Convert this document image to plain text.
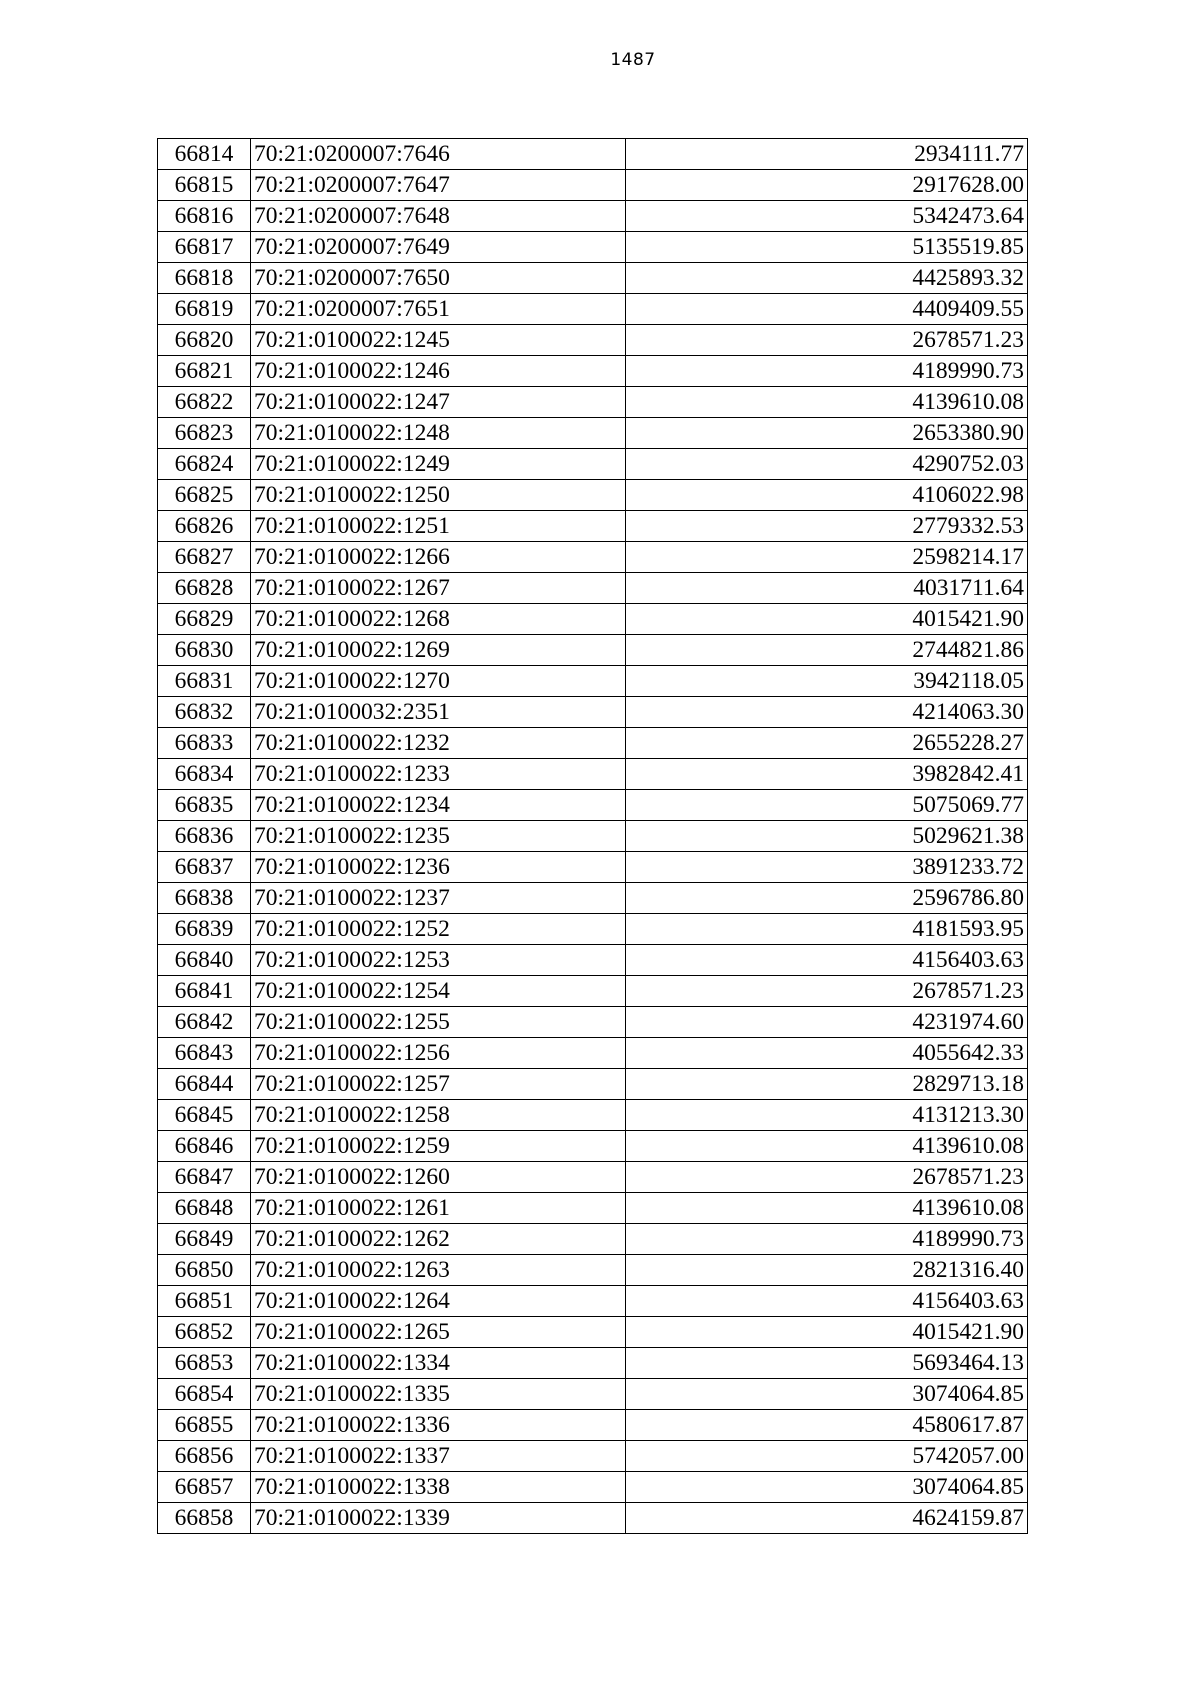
1487
66814	70:21:0200007:7646	2934111.77
66815	70:21:0200007:7647	2917628.00
66816	70:21:0200007:7648	5342473.64
66817	70:21:0200007:7649	5135519.85
66818	70:21:0200007:7650	4425893.32
66819	70:21:0200007:7651	4409409.55
66820	70:21:0100022:1245	2678571.23
66821	70:21:0100022:1246	4189990.73
66822	70:21:0100022:1247	4139610.08
66823	70:21:0100022:1248	2653380.90
66824	70:21:0100022:1249	4290752.03
66825	70:21:0100022:1250	4106022.98
66826	70:21:0100022:1251	2779332.53
66827	70:21:0100022:1266	2598214.17
66828	70:21:0100022:1267	4031711.64
66829	70:21:0100022:1268	4015421.90
66830	70:21:0100022:1269	2744821.86
66831	70:21:0100022:1270	3942118.05
66832	70:21:0100032:2351	4214063.30
66833	70:21:0100022:1232	2655228.27
66834	70:21:0100022:1233	3982842.41
66835	70:21:0100022:1234	5075069.77
66836	70:21:0100022:1235	5029621.38
66837	70:21:0100022:1236	3891233.72
66838	70:21:0100022:1237	2596786.80
66839	70:21:0100022:1252	4181593.95
66840	70:21:0100022:1253	4156403.63
66841	70:21:0100022:1254	2678571.23
66842	70:21:0100022:1255	4231974.60
66843	70:21:0100022:1256	4055642.33
66844	70:21:0100022:1257	2829713.18
66845	70:21:0100022:1258	4131213.30
66846	70:21:0100022:1259	4139610.08
66847	70:21:0100022:1260	2678571.23
66848	70:21:0100022:1261	4139610.08
66849	70:21:0100022:1262	4189990.73
66850	70:21:0100022:1263	2821316.40
66851	70:21:0100022:1264	4156403.63
66852	70:21:0100022:1265	4015421.90
66853	70:21:0100022:1334	5693464.13
66854	70:21:0100022:1335	3074064.85
66855	70:21:0100022:1336	4580617.87
66856	70:21:0100022:1337	5742057.00
66857	70:21:0100022:1338	3074064.85
66858	70:21:0100022:1339	4624159.87
